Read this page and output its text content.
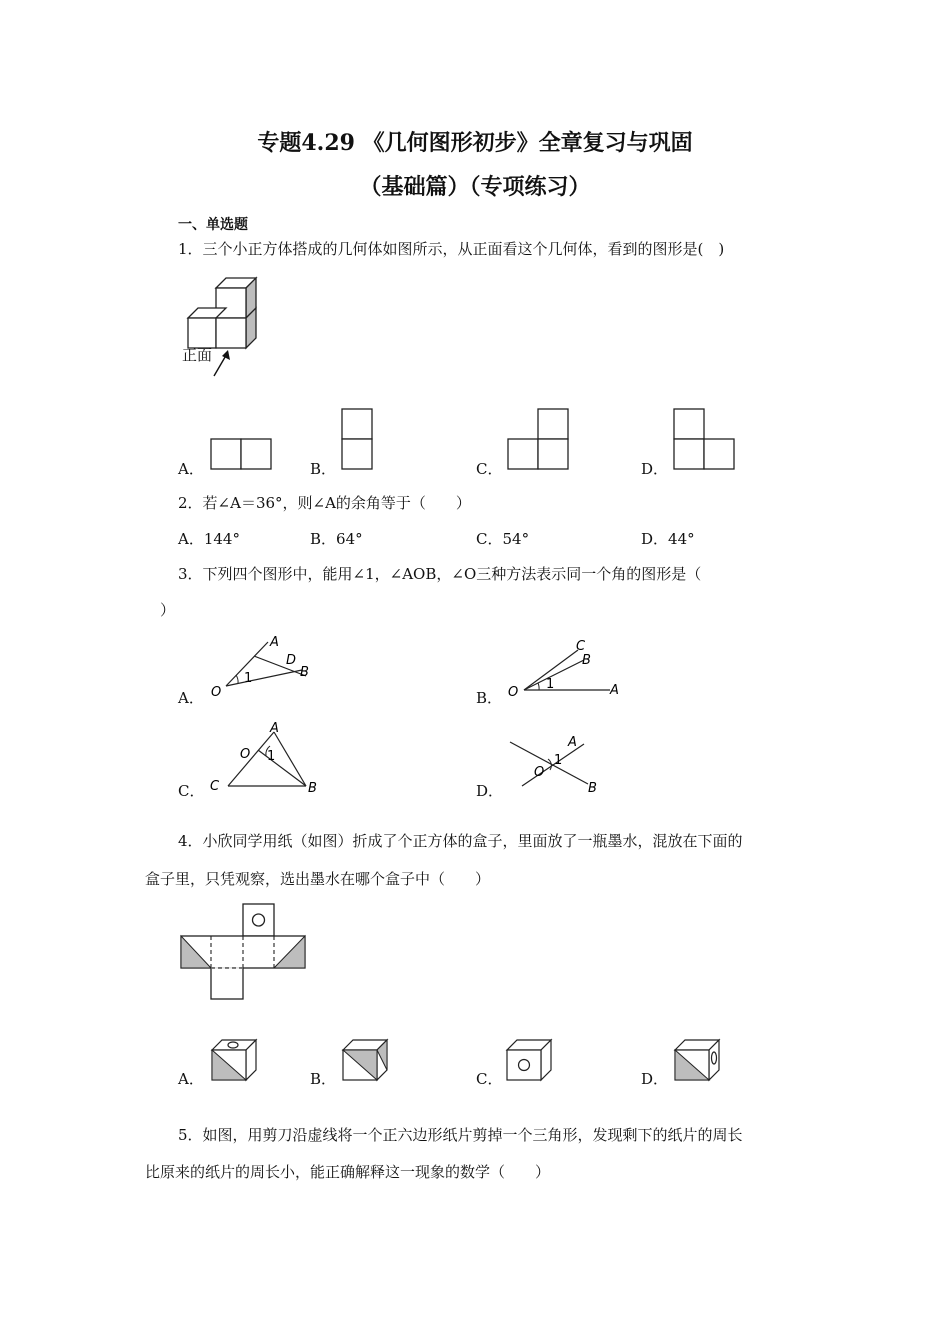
专题4.29 《几何图形初步》全章复习与巩固
（基础篇）（专项练习）
一、单选题
1．三个小正方体搭成的几何体如图所示，从正面看这个几何体，看到的图形是(　)
正面
A．	B．	C．	D．
2．若∠A＝36°，则∠A的余角等于（　　）
A．144°	B．64°	C．54°	D．44°
3．下列四个图形中，能用∠1，∠AOB，∠O三种方法表示同一个角的图形是（
）
A． O
A
D
B
1
B． O
C
B
A
1
C． C
A
O
B
1
D．
O
A
B
1
4．小欣同学用纸（如图）折成了个正方体的盒子，里面放了一瓶墨水，混放在下面的
盒子里，只凭观察，选出墨水在哪个盒子中（　　）
A．	B．	C．	D．
5．如图，用剪刀沿虚线将一个正六边形纸片剪掉一个三角形，发现剩下的纸片的周长
比原来的纸片的周长小，能正确解释这一现象的数学（　　）
